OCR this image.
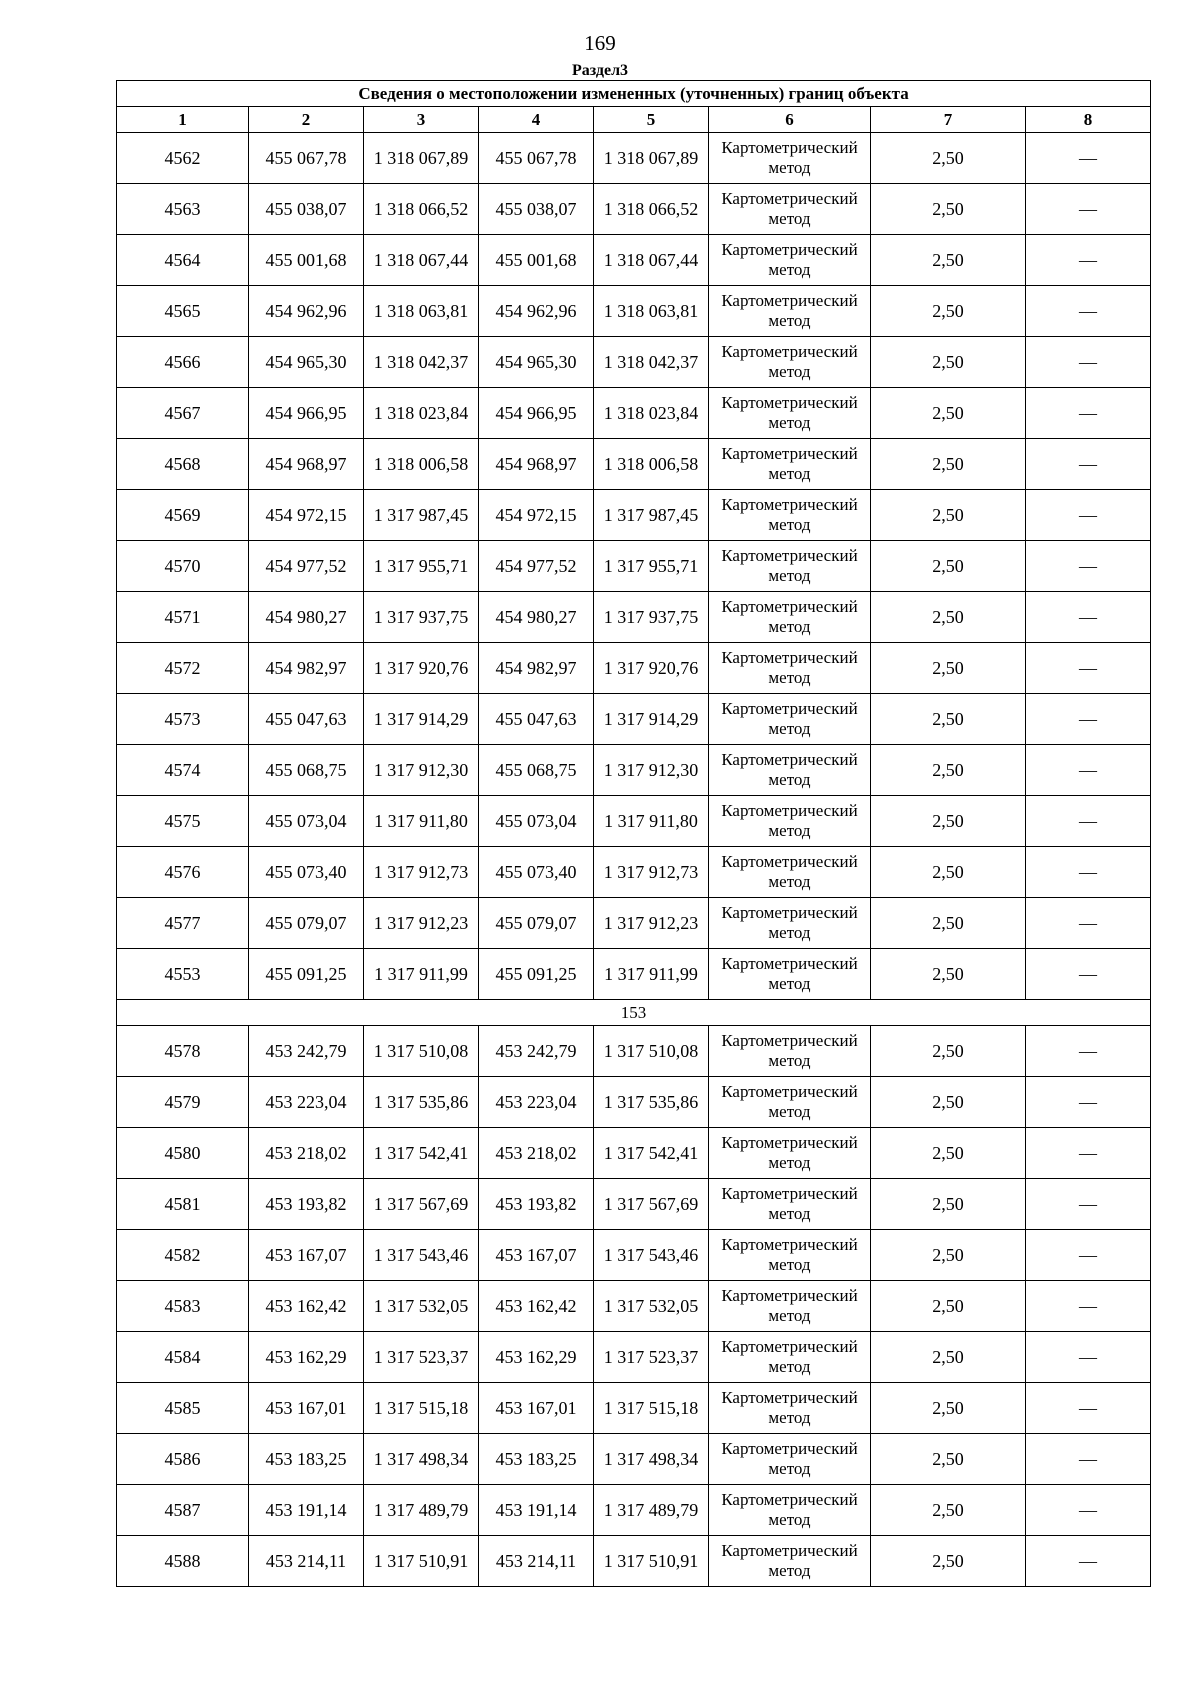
169
Раздел3
Сведения о местоположении измененных (уточненных) границ объекта							
1	2	3	4	5	6	7	8
4562	455 067,78	1 318 067,89	455 067,78	1 318 067,89	Картометрический метод	2,50	—
4563	455 038,07	1 318 066,52	455 038,07	1 318 066,52	Картометрический метод	2,50	—
4564	455 001,68	1 318 067,44	455 001,68	1 318 067,44	Картометрический метод	2,50	—
4565	454 962,96	1 318 063,81	454 962,96	1 318 063,81	Картометрический метод	2,50	—
4566	454 965,30	1 318 042,37	454 965,30	1 318 042,37	Картометрический метод	2,50	—
4567	454 966,95	1 318 023,84	454 966,95	1 318 023,84	Картометрический метод	2,50	—
4568	454 968,97	1 318 006,58	454 968,97	1 318 006,58	Картометрический метод	2,50	—
4569	454 972,15	1 317 987,45	454 972,15	1 317 987,45	Картометрический метод	2,50	—
4570	454 977,52	1 317 955,71	454 977,52	1 317 955,71	Картометрический метод	2,50	—
4571	454 980,27	1 317 937,75	454 980,27	1 317 937,75	Картометрический метод	2,50	—
4572	454 982,97	1 317 920,76	454 982,97	1 317 920,76	Картометрический метод	2,50	—
4573	455 047,63	1 317 914,29	455 047,63	1 317 914,29	Картометрический метод	2,50	—
4574	455 068,75	1 317 912,30	455 068,75	1 317 912,30	Картометрический метод	2,50	—
4575	455 073,04	1 317 911,80	455 073,04	1 317 911,80	Картометрический метод	2,50	—
4576	455 073,40	1 317 912,73	455 073,40	1 317 912,73	Картометрический метод	2,50	—
4577	455 079,07	1 317 912,23	455 079,07	1 317 912,23	Картометрический метод	2,50	—
4553	455 091,25	1 317 911,99	455 091,25	1 317 911,99	Картометрический метод	2,50	—
153							
4578	453 242,79	1 317 510,08	453 242,79	1 317 510,08	Картометрический метод	2,50	—
4579	453 223,04	1 317 535,86	453 223,04	1 317 535,86	Картометрический метод	2,50	—
4580	453 218,02	1 317 542,41	453 218,02	1 317 542,41	Картометрический метод	2,50	—
4581	453 193,82	1 317 567,69	453 193,82	1 317 567,69	Картометрический метод	2,50	—
4582	453 167,07	1 317 543,46	453 167,07	1 317 543,46	Картометрический метод	2,50	—
4583	453 162,42	1 317 532,05	453 162,42	1 317 532,05	Картометрический метод	2,50	—
4584	453 162,29	1 317 523,37	453 162,29	1 317 523,37	Картометрический метод	2,50	—
4585	453 167,01	1 317 515,18	453 167,01	1 317 515,18	Картометрический метод	2,50	—
4586	453 183,25	1 317 498,34	453 183,25	1 317 498,34	Картометрический метод	2,50	—
4587	453 191,14	1 317 489,79	453 191,14	1 317 489,79	Картометрический метод	2,50	—
4588	453 214,11	1 317 510,91	453 214,11	1 317 510,91	Картометрический метод	2,50	—
